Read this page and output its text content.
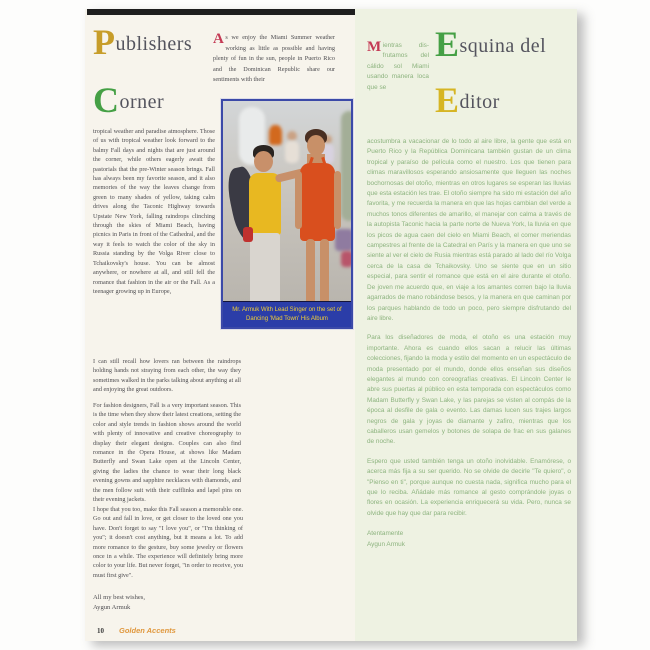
Publishers
Corner
As we enjoy the Miami Summer weather working as little as possible and having plenty of fun in the sun, people in Puerto Rico and the Dominican Republic share our sentiments with their
tropical weather and paradise atmosphere. Those of us with tropical weather look forward to the balmy Fall days and nights that are just around the corner, while others eagerly await the pastorials that the pre-Winter season brings. Fall has always been my favorite season, and it also memories of the way the leaves change from green to many shades of yellow, taking calm drives along the Taconic Highway towards Upstate New York, falling raindrops clinching through the skies of Miami Beach, having picnics in Paris in front of the Cathedral, and the way it feels to watch the color of the sky in Russia standing by the Volga River close to Tchaikovsky's house. You can be almost anywhere, or nowhere at all, and still fell the romance that fashion in the air or the Fall. As a teenager growing up in Europe,
I can still recall how lovers ran between the raindrops holding hands not straying from each other, the way they sometimes walked in the parks talking about anything at all and enjoying the great outdoors.
For fashion designers, Fall is a very important season. This is the time when they show their latest creations, setting the color and style trends in fashion shows around the world with plenty of innovative and creative choreography to display their elegant designs. Couples can also find romance in the Opera House, at shows like Madam Butterfly and Swan Lake open at the Lincoln Center, giving the ladies the chance to wear their long black evening gowns and sapphire necklaces with diamonds, and the men follow suit with their cufflinks and lapel pins on their evening jackets.
I hope that you too, make this Fall season a memorable one. Go out and fall in love, or get closer to the loved one you have. Don't forget to say "I love you", or "I'm thinking of you"; it doesn't cost anything, but it means a lot. To add more romance to the gesture, buy some jewelry or flowers once in a while. The experience will definitely bring more color to your life. But never forget, "in order to receive, you must first give".
All my best wishes,
Aygun Armuk
Mr. Armuk With Lead Singer on the set of
Dancing 'Mad Town' His Album
Esquina del
Editor
Mientras dis- frutamos del cálido sol Miami usando manera loca que se

acostumbra a vacacionar de lo todo al aire libre, la gente que está en Puerto Rico y la República Dominicana también gustan de un clima tropical y paraíso de película como el nuestro. Los que tienen para climas maravillosos esperando ansiosamente que lleguen las noches bochornosas del otoño, mientras en otros lugares se esperan las lluvias que esta estación les trae. El otoño siempre ha sido mi estación del año favorita, y me recuerda la manera en que las hojas cambian del verde a muchos tonos diferentes de amarillo, el manejar con calma a través de la autopista Taconic hacia la parte norte de Nueva York, la lluvia en que los picos de agua caen del cielo en Miami Beach, el comer meriendas campestres al frente de la Catedral en París y la manera en que uno se siente al ver el cielo de Rusia mientras está parado al lado del río Volga cerca de la casa de Tchaikovsky. Uno se siente que en un sitio especial, para sentir el romance que está en el aire durante el otoño. De joven me acuerdo que, en viaje a los amantes corren bajo la lluvia agarrados de mano robándose besos, y la manera en que caminan por los parques hablando de todo un poco, pero siempre disfrutando del aire libre.

Para los diseñadores de moda, el otoño es una estación muy importante. Ahora es cuando ellos sacan a relucir las últimas colecciones, fijando la moda y estilo del momento en un espectáculo de moda presentado por el mundo, donde ellos enseñan sus diseños elegantes al mundo con coreografías creativas. El Lincoln Center le abre sus puertas al público en esta temporada con espectáculos como Madam Butterfly y Swan Lake, y las parejas se visten al compás de la época al desfile de gala o evento. Las damas lucen sus trajes largos negros de gala y joyas de diamante y zafiro, mientras que los caballeros usan gemelos y botones de solapa de frac en sus galanes de noche.

Espero que usted también tenga un otoño inolvidable. Enamórese, o acerca más fija a su ser querido. No se olvide de decirle "Te quiero", o "Pienso en ti", porque aunque no cuesta nada, significa mucho para el que lo reciba. Añádale más romance al gesto comprándole joyas o flores en ocasión. La experiencia enriquecerá su vida. Pero, nunca se olvide que hay que dar para recibir.

Atentamente
Aygun Armuk
10 Golden Accents
